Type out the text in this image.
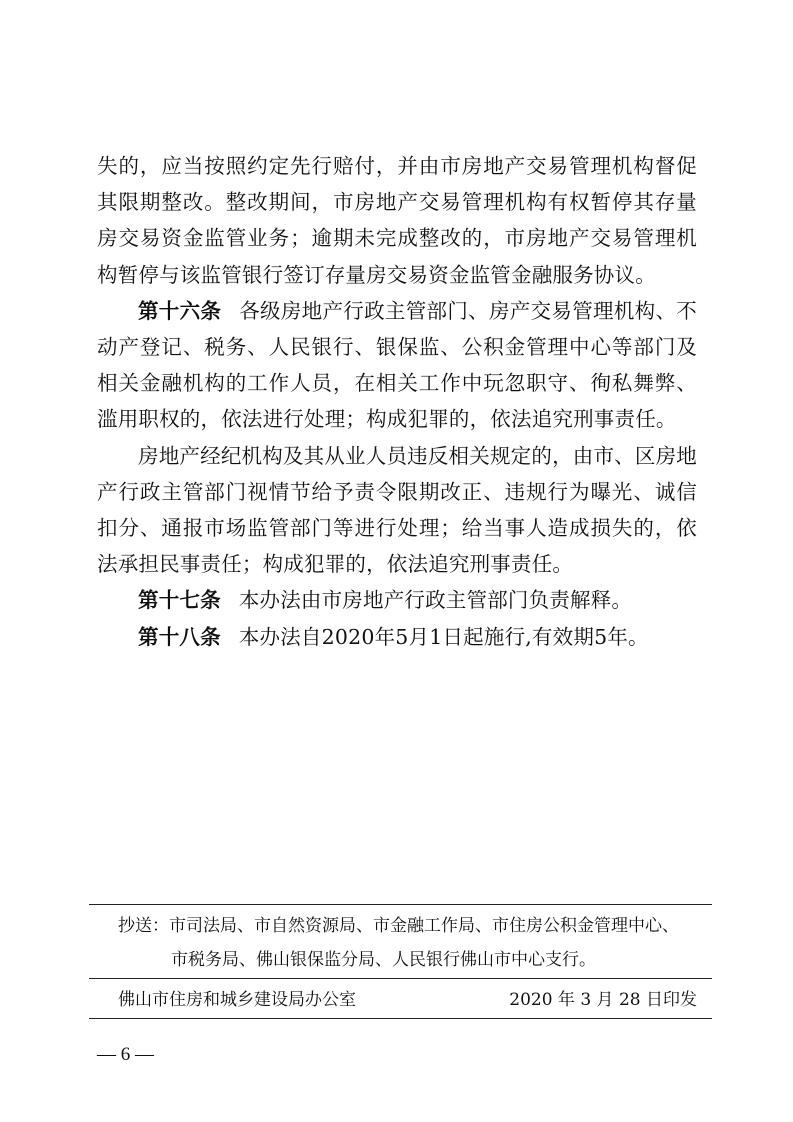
失的，应当按照约定先行赔付，并由市房地产交易管理机构督促其限期整改。整改期间，市房地产交易管理机构有权暂停其存量房交易资金监管业务；逾期未完成整改的，市房地产交易管理机构暂停与该监管银行签订存量房交易资金监管金融服务协议。

第十六条 各级房地产行政主管部门、房产交易管理机构、不动产登记、税务、人民银行、银保监、公积金管理中心等部门及相关金融机构的工作人员，在相关工作中玩忽职守、徇私舞弊、滥用职权的，依法进行处理；构成犯罪的，依法追究刑事责任。

房地产经纪机构及其从业人员违反相关规定的，由市、区房地产行政主管部门视情节给予责令限期改正、违规行为曝光、诚信扣分、通报市场监管部门等进行处理；给当事人造成损失的，依法承担民事责任；构成犯罪的，依法追究刑事责任。

第十七条 本办法由市房地产行政主管部门负责解释。

第十八条 本办法自2020年5月1日起施行,有效期5年。

抄送：市司法局、市自然资源局、市金融工作局、市住房公积金管理中心、
市税务局、佛山银保监分局、人民银行佛山市中心支行。
佛山市住房和城乡建设局办公室	2020 年 3 月 28 日印发
— 6 —
